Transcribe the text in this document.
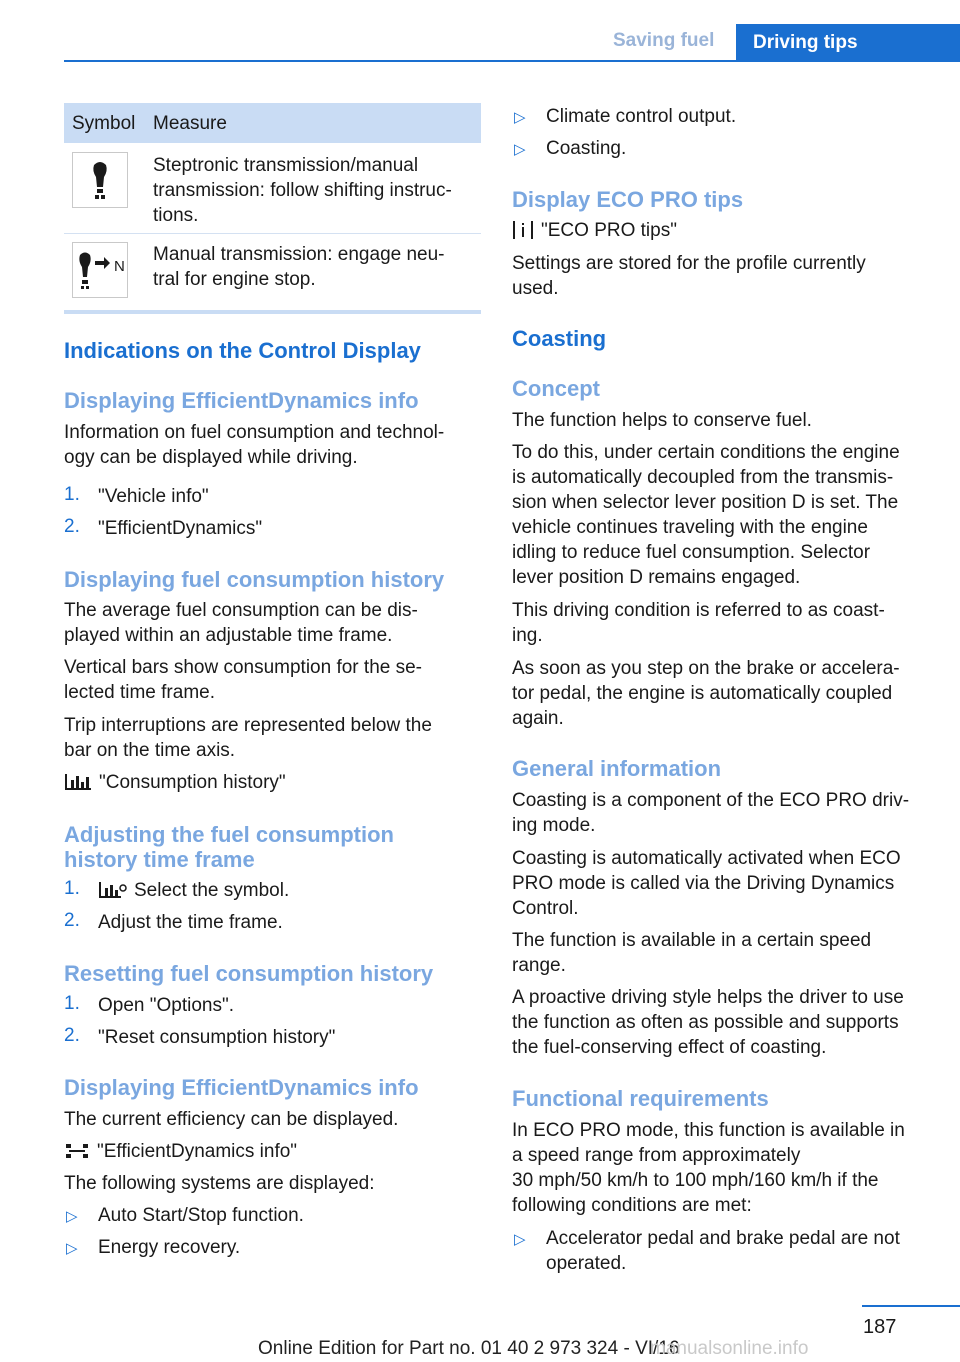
Saving fuel	Driving tips
Symbol Measure
Steptronic transmission/manual
transmission: follow shifting instruc-
tions.
N
Manual transmission: engage neu-
tral for engine stop.
Indications on the Control Display
Displaying EfficientDynamics info
Information on fuel consumption and technol-
ogy can be displayed while driving.
1. "Vehicle info"
2. "EfficientDynamics"
Displaying fuel consumption history
The average fuel consumption can be dis-
played within an adjustable time frame.
Vertical bars show consumption for the se-
lected time frame.
Trip interruptions are represented below the
bar on the time axis.
"Consumption history"
Adjusting the fuel consumption
history time frame
1.	Select the symbol.
2. Adjust the time frame.
Resetting fuel consumption history
1. Open "Options".
2. "Reset consumption history"
Displaying EfficientDynamics info
The current efficiency can be displayed.
"EfficientDynamics info"
The following systems are displayed:
▷ Auto Start/Stop function.
▷ Energy recovery.
▷ Climate control output.
▷ Coasting.
Display ECO PRO tips
"ECO PRO tips"
Settings are stored for the profile currently
used.
Coasting
Concept
The function helps to conserve fuel.
To do this, under certain conditions the engine
is automatically decoupled from the transmis-
sion when selector lever position D is set. The
vehicle continues traveling with the engine
idling to reduce fuel consumption. Selector
lever position D remains engaged.
This driving condition is referred to as coast-
ing.
As soon as you step on the brake or accelera-
tor pedal, the engine is automatically coupled
again.
General information
Coasting is a component of the ECO PRO driv-
ing mode.
Coasting is automatically activated when ECO
PRO mode is called via the Driving Dynamics
Control.
The function is available in a certain speed
range.
A proactive driving style helps the driver to use
the function as often as possible and supports
the fuel-conserving effect of coasting.
Functional requirements
In ECO PRO mode, this function is available in
a speed range from approximately
30 mph/50 km/h to 100 mph/160 km/h if the
following conditions are met:
▷ Accelerator pedal and brake pedal are not
operated.
187
Online Edition for Part no. 01 40 2 973 324 - VI/16
manualsonline.info
